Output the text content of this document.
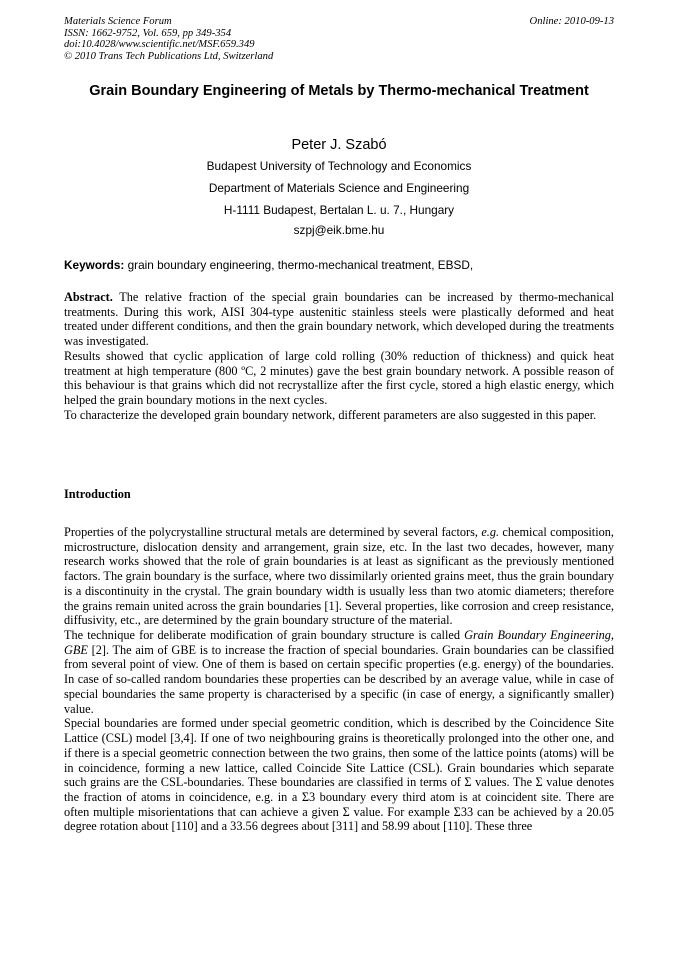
Materials Science Forum
ISSN: 1662-9752, Vol. 659, pp 349-354
doi:10.4028/www.scientific.net/MSF.659.349
© 2010 Trans Tech Publications Ltd, Switzerland
Online: 2010-09-13
Grain Boundary Engineering of Metals by Thermo-mechanical Treatment
Peter J. Szabó
Budapest University of Technology and Economics
Department of Materials Science and Engineering
H-1111 Budapest, Bertalan L. u. 7., Hungary
szpj@eik.bme.hu
Keywords: grain boundary engineering, thermo-mechanical treatment, EBSD,

Abstract. The relative fraction of the special grain boundaries can be increased by thermo-mechanical treatments. During this work, AISI 304-type austenitic stainless steels were plastically deformed and heat treated under different conditions, and then the grain boundary network, which developed during the treatments was investigated.

Results showed that cyclic application of large cold rolling (30% reduction of thickness) and quick heat treatment at high temperature (800 ºC, 2 minutes) gave the best grain boundary network. A possible reason of this behaviour is that grains which did not recrystallize after the first cycle, stored a high elastic energy, which helped the grain boundary motions in the next cycles.

To characterize the developed grain boundary network, different parameters are also suggested in this paper.

Introduction

Properties of the polycrystalline structural metals are determined by several factors, e.g. chemical composition, microstructure, dislocation density and arrangement, grain size, etc. In the last two decades, however, many research works showed that the role of grain boundaries is at least as significant as the previously mentioned factors. The grain boundary is the surface, where two dissimilarly oriented grains meet, thus the grain boundary is a discontinuity in the crystal. The grain boundary width is usually less than two atomic diameters; therefore the grains remain united across the grain boundaries [1]. Several properties, like corrosion and creep resistance, diffusivity, etc., are determined by the grain boundary structure of the material.

The technique for deliberate modification of grain boundary structure is called Grain Boundary Engineering, GBE [2]. The aim of GBE is to increase the fraction of special boundaries. Grain boundaries can be classified from several point of view. One of them is based on certain specific properties (e.g. energy) of the boundaries. In case of so-called random boundaries these properties can be described by an average value, while in case of special boundaries the same property is characterised by a specific (in case of energy, a significantly smaller) value.

Special boundaries are formed under special geometric condition, which is described by the Coincidence Site Lattice (CSL) model [3,4]. If one of two neighbouring grains is theoretically prolonged into the other one, and if there is a special geometric connection between the two grains, then some of the lattice points (atoms) will be in coincidence, forming a new lattice, called Coincide Site Lattice (CSL). Grain boundaries which separate such grains are the CSL-boundaries. These boundaries are classified in terms of Σ values. The Σ value denotes the fraction of atoms in coincidence, e.g. in a Σ3 boundary every third atom is at coincident site. There are often multiple misorientations that can achieve a given Σ value. For example Σ33 can be achieved by a 20.05 degree rotation about [110] and a 33.56 degrees about [311] and 58.99 about [110]. These three
